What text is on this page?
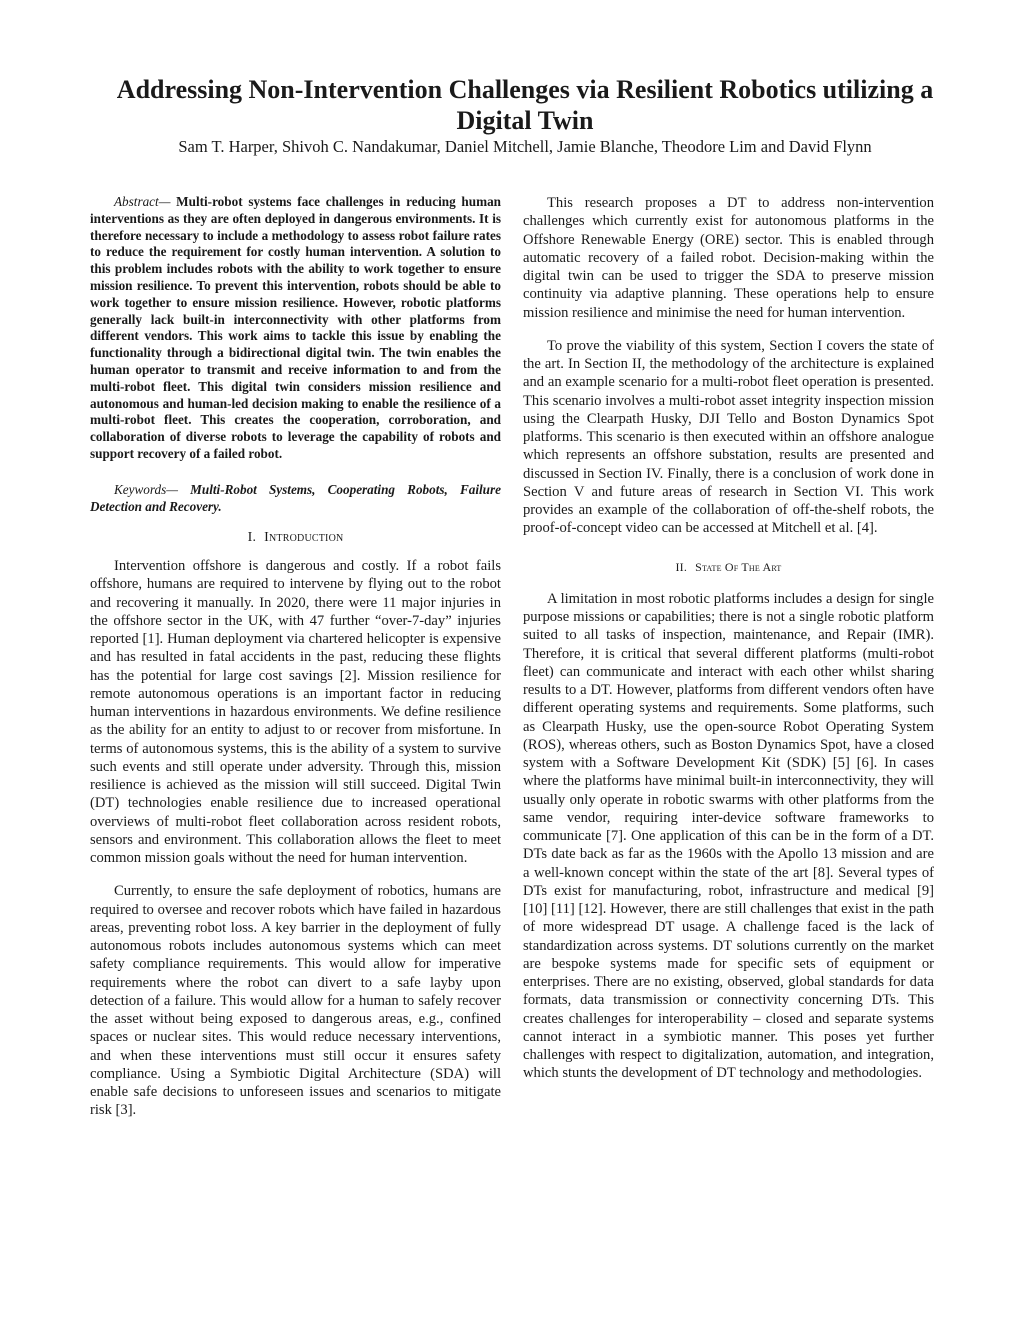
Addressing Non-Intervention Challenges via Resilient Robotics utilizing a Digital Twin

Sam T. Harper, Shivoh C. Nandakumar, Daniel Mitchell, Jamie Blanche, Theodore Lim and David Flynn

Abstract— Multi-robot systems face challenges in reducing human interventions as they are often deployed in dangerous environments. It is therefore necessary to include a methodology to assess robot failure rates to reduce the requirement for costly human intervention. A solution to this problem includes robots with the ability to work together to ensure mission resilience. To prevent this intervention, robots should be able to work together to ensure mission resilience. However, robotic platforms generally lack built-in interconnectivity with other platforms from different vendors. This work aims to tackle this issue by enabling the functionality through a bidirectional digital twin. The twin enables the human operator to transmit and receive information to and from the multi-robot fleet. This digital twin considers mission resilience and autonomous and human-led decision making to enable the resilience of a multi-robot fleet. This creates the cooperation, corroboration, and collaboration of diverse robots to leverage the capability of robots and support recovery of a failed robot.

Keywords— Multi-Robot Systems, Cooperating Robots, Failure Detection and Recovery.

I. Introduction

Intervention offshore is dangerous and costly. If a robot fails offshore, humans are required to intervene by flying out to the robot and recovering it manually. In 2020, there were 11 major injuries in the offshore sector in the UK, with 47 further “over-7-day” injuries reported [1]. Human deployment via chartered helicopter is expensive and has resulted in fatal accidents in the past, reducing these flights has the potential for large cost savings [2]. Mission resilience for remote autonomous operations is an important factor in reducing human interventions in hazardous environments. We define resilience as the ability for an entity to adjust to or recover from misfortune. In terms of autonomous systems, this is the ability of a system to survive such events and still operate under adversity. Through this, mission resilience is achieved as the mission will still succeed. Digital Twin (DT) technologies enable resilience due to increased operational overviews of multi-robot fleet collaboration across resident robots, sensors and environment. This collaboration allows the fleet to meet common mission goals without the need for human intervention.

Currently, to ensure the safe deployment of robotics, humans are required to oversee and recover robots which have failed in hazardous areas, preventing robot loss. A key barrier in the deployment of fully autonomous robots includes autonomous systems which can meet safety compliance requirements. This would allow for imperative requirements where the robot can divert to a safe layby upon detection of a failure. This would allow for a human to safely recover the asset without being exposed to dangerous areas, e.g., confined spaces or nuclear sites. This would reduce necessary interventions, and when these interventions must still occur it ensures safety compliance. Using a Symbiotic Digital Architecture (SDA) will enable safe decisions to unforeseen issues and scenarios to mitigate risk [3].

This research proposes a DT to address non-intervention challenges which currently exist for autonomous platforms in the Offshore Renewable Energy (ORE) sector. This is enabled through automatic recovery of a failed robot. Decision-making within the digital twin can be used to trigger the SDA to preserve mission continuity via adaptive planning. These operations help to ensure mission resilience and minimise the need for human intervention.

To prove the viability of this system, Section I covers the state of the art. In Section II, the methodology of the architecture is explained and an example scenario for a multi-robot fleet operation is presented. This scenario involves a multi-robot asset integrity inspection mission using the Clearpath Husky, DJI Tello and Boston Dynamics Spot platforms. This scenario is then executed within an offshore analogue which represents an offshore substation, results are presented and discussed in Section IV. Finally, there is a conclusion of work done in Section V and future areas of research in Section VI. This work provides an example of the collaboration of off-the-shelf robots, the proof-of-concept video can be accessed at Mitchell et al. [4].

II. State Of The Art

A limitation in most robotic platforms includes a design for single purpose missions or capabilities; there is not a single robotic platform suited to all tasks of inspection, maintenance, and Repair (IMR). Therefore, it is critical that several different platforms (multi-robot fleet) can communicate and interact with each other whilst sharing results to a DT. However, platforms from different vendors often have different operating systems and requirements. Some platforms, such as Clearpath Husky, use the open-source Robot Operating System (ROS), whereas others, such as Boston Dynamics Spot, have a closed system with a Software Development Kit (SDK) [5] [6]. In cases where the platforms have minimal built-in interconnectivity, they will usually only operate in robotic swarms with other platforms from the same vendor, requiring inter-device software frameworks to communicate [7]. One application of this can be in the form of a DT. DTs date back as far as the 1960s with the Apollo 13 mission and are a well-known concept within the state of the art [8]. Several types of DTs exist for manufacturing, robot, infrastructure and medical [9] [10] [11] [12]. However, there are still challenges that exist in the path of more widespread DT usage. A challenge faced is the lack of standardization across systems. DT solutions currently on the market are bespoke systems made for specific sets of equipment or enterprises. There are no existing, observed, global standards for data formats, data transmission or connectivity concerning DTs. This creates challenges for interoperability – closed and separate systems cannot interact in a symbiotic manner. This poses yet further challenges with respect to digitalization, automation, and integration, which stunts the development of DT technology and methodologies.
